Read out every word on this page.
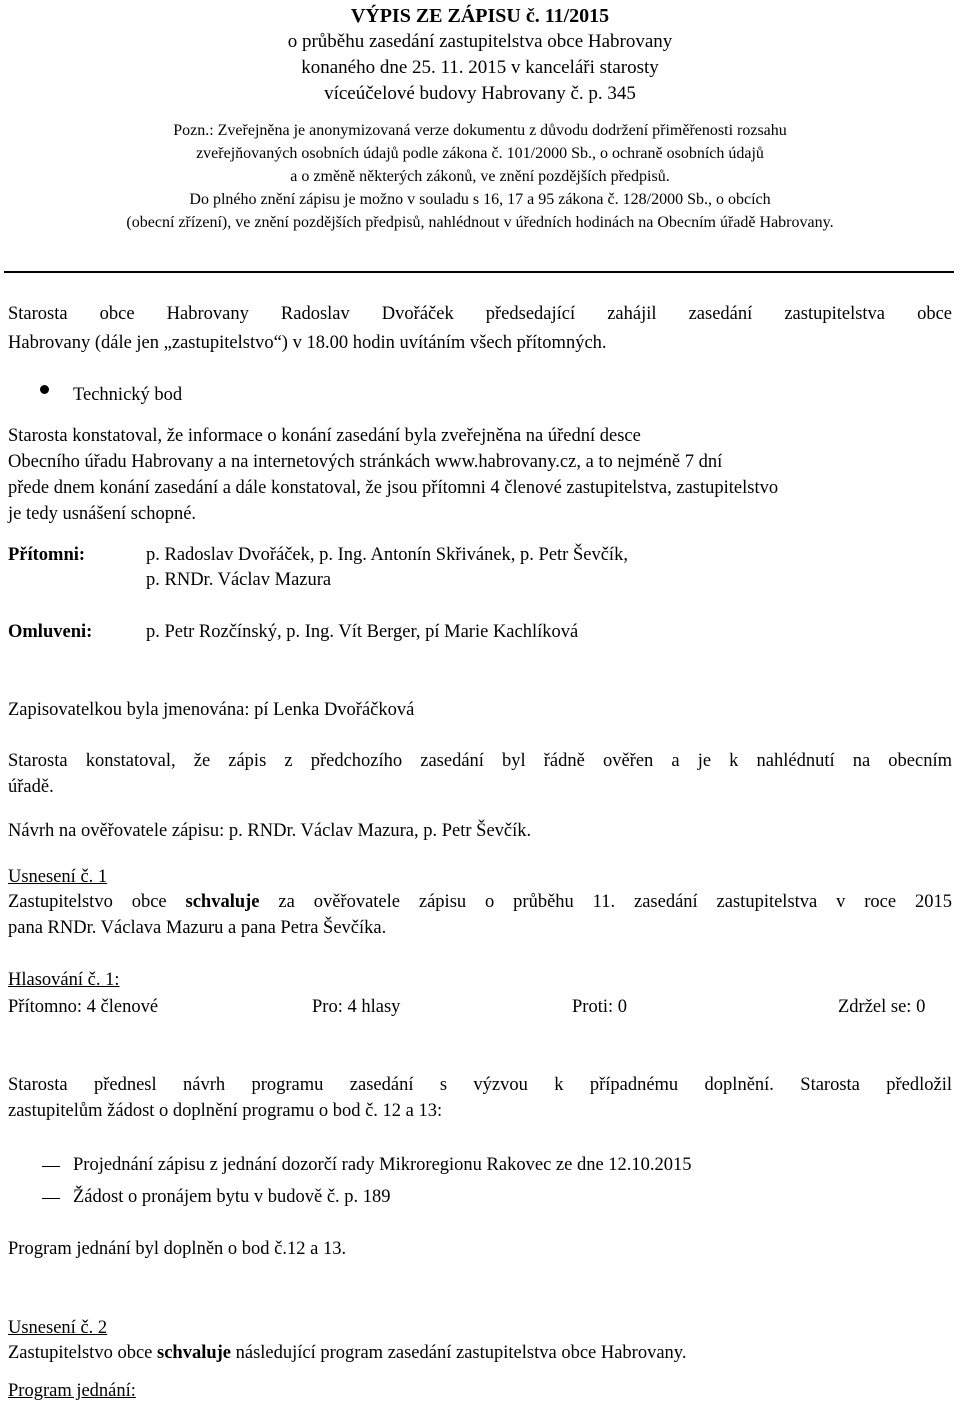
VÝPIS ZE ZÁPISU č. 11/2015
o průběhu zasedání zastupitelstva obce Habrovany
konaného dne 25. 11. 2015 v kanceláři starosty
víceúčelové budovy Habrovany č. p. 345
Pozn.: Zveřejněna je anonymizovaná verze dokumentu z důvodu dodržení přiměřenosti rozsahu
zveřejňovaných osobních údajů podle zákona č. 101/2000 Sb., o ochraně osobních údajů
a o změně některých zákonů, ve znění pozdějších předpisů.
Do plného znění zápisu je možno v souladu s 16, 17 a 95 zákona č. 128/2000 Sb., o obcích
(obecní zřízení), ve znění pozdějších předpisů, nahlédnout v úředních hodinách na Obecním úřadě Habrovany.
Starosta obce Habrovany Radoslav Dvořáček předsedající zahájil zasedání zastupitelstva obce
Habrovany (dále jen „zastupitelstvo“) v 18.00 hodin uvítáním všech přítomných.
Technický bod
Starosta konstatoval, že informace o konání zasedání byla zveřejněna na úřední desce
Obecního úřadu Habrovany a na internetových stránkách www.habrovany.cz, a to nejméně 7 dní
přede dnem konání zasedání a dále konstatoval, že jsou přítomni 4 členové zastupitelstva, zastupitelstvo
je tedy usnášení schopné.
Přítomni:	p. Radoslav Dvořáček, p. Ing. Antonín Skřivánek, p. Petr Ševčík,
p. RNDr. Václav Mazura
Omluveni:	p. Petr Rozčínský, p. Ing. Vít Berger, pí Marie Kachlíková
Zapisovatelkou byla jmenována: pí Lenka Dvořáčková
Starosta konstatoval, že zápis z předchozího zasedání byl řádně ověřen a je k nahlédnutí na obecním
úřadě.
Návrh na ověřovatele zápisu: p. RNDr. Václav Mazura, p. Petr Ševčík.
Usnesení č. 1
Zastupitelstvo obce schvaluje za ověřovatele zápisu o průběhu 11. zasedání zastupitelstva v roce 2015
pana RNDr. Václava Mazuru a pana Petra Ševčíka.
Hlasování č. 1:
Přítomno: 4 členové	Pro: 4 hlasy	Proti: 0	Zdržel se: 0
Starosta přednesl návrh programu zasedání s výzvou k případnému doplnění. Starosta předložil
zastupitelům žádost o doplnění programu o bod č. 12 a 13:
Projednání zápisu z jednání dozorčí rady Mikroregionu Rakovec ze dne 12.10.2015
Žádost o pronájem bytu v budově č. p. 189
Program jednání byl doplněn o bod č.12 a 13.
Usnesení č. 2
Zastupitelstvo obce schvaluje následující program zasedání zastupitelstva obce Habrovany.
Program jednání:
